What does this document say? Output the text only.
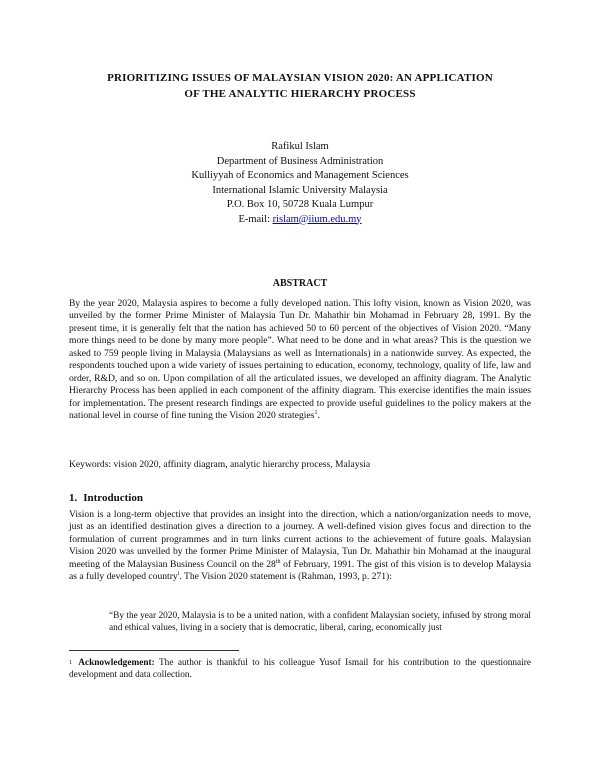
PRIORITIZING ISSUES OF MALAYSIAN VISION 2020: AN APPLICATION
OF THE ANALYTIC HIERARCHY PROCESS
Rafikul Islam
Department of Business Administration
Kulliyyah of Economics and Management Sciences
International Islamic University Malaysia
P.O. Box 10, 50728 Kuala Lumpur
E-mail: rislam@iium.edu.my
ABSTRACT
By the year 2020, Malaysia aspires to become a fully developed nation. This lofty vision, known as Vision 2020, was unveiled by the former Prime Minister of Malaysia Tun Dr. Mahathir bin Mohamad in February 28, 1991. By the present time, it is generally felt that the nation has achieved 50 to 60 percent of the objectives of Vision 2020. “Many more things need to be done by many more people”. What need to be done and in what areas? This is the question we asked to 759 people living in Malaysia (Malaysians as well as Internationals) in a nationwide survey. As expected, the respondents touched upon a wide variety of issues pertaining to education, economy, technology, quality of life, law and order, R&D, and so on. Upon compilation of all the articulated issues, we developed an affinity diagram. The Analytic Hierarchy Process has been applied in each component of the affinity diagram. This exercise identifies the main issues for implementation. The present research findings are expected to provide useful guidelines to the policy makers at the national level in course of fine tuning the Vision 2020 strategies$^1$.
Keywords: vision 2020, affinity diagram, analytic hierarchy process, Malaysia
1. Introduction
Vision is a long-term objective that provides an insight into the direction, which a nation/organization needs to move, just as an identified destination gives a direction to a journey. A well-defined vision gives focus and direction to the formulation of current programmes and in turn links current actions to the achievement of future goals. Malaysian Vision 2020 was unveiled by the former Prime Minister of Malaysia, Tun Dr. Mahathir bin Mohamad at the inaugural meeting of the Malaysian Business Council on the 28th of February, 1991. The gist of this vision is to develop Malaysia as a fully developed country$^i$. The Vision 2020 statement is (Rahman, 1993, p. 271):
“By the year 2020, Malaysia is to be a united nation, with a confident Malaysian society, infused by strong moral and ethical values, living in a society that is democratic, liberal, caring, economically just
$^1$ Acknowledgement: The author is thankful to his colleague Yusof Ismail for his contribution to the questionnaire development and data collection.
